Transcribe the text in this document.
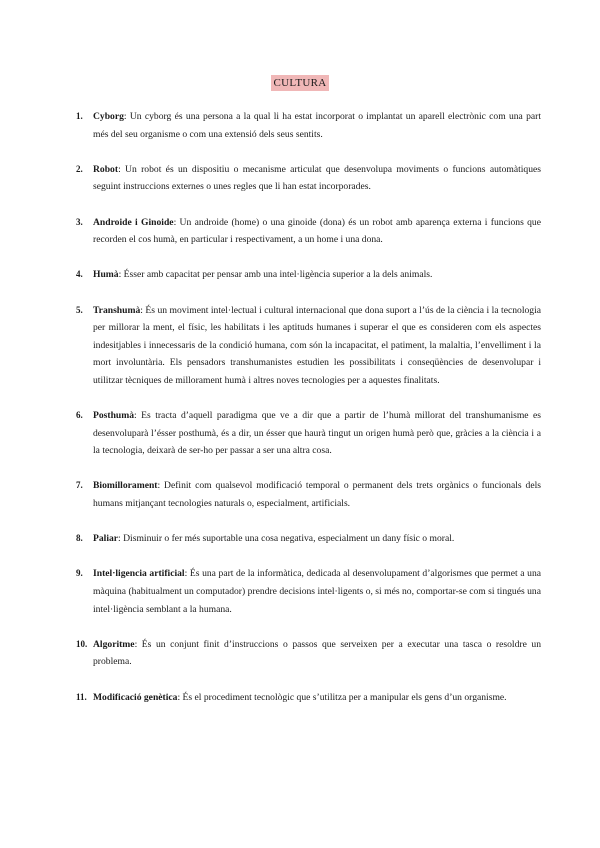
CULTURA
1. Cyborg: Un cyborg és una persona a la qual li ha estat incorporat o implantat un aparell electrònic com una part més del seu organisme o com una extensió dels seus sentits.
2. Robot: Un robot és un dispositiu o mecanisme articulat que desenvolupa moviments o funcions automàtiques seguint instruccions externes o unes regles que li han estat incorporades.
3. Androide i Ginoide: Un androide (home) o una ginoide (dona) és un robot amb aparença externa i funcions que recorden el cos humà, en particular i respectivament, a un home i una dona.
4. Humà: Ésser amb capacitat per pensar amb una intel·ligència superior a la dels animals.
5. Transhumà: És un moviment intel·lectual i cultural internacional que dona suport a l’ús de la ciència i la tecnologia per millorar la ment, el físic, les habilitats i les aptituds humanes i superar el que es consideren com els aspectes indesitjables i innecessaris de la condició humana, com són la incapacitat, el patiment, la malaltia, l’envelliment i la mort involuntària. Els pensadors transhumanistes estudien les possibilitats i conseqüències de desenvolupar i utilitzar tècniques de millorament humà i altres noves tecnologies per a aquestes finalitats.
6. Posthumà: Es tracta d’aquell paradigma que ve a dir que a partir de l’humà millorat del transhumanisme es desenvoluparà l’ésser posthumà, és a dir, un ésser que haurà tingut un origen humà però que, gràcies a la ciència i a la tecnologia, deixarà de ser-ho per passar a ser una altra cosa.
7. Biomillorament: Definit com qualsevol modificació temporal o permanent dels trets orgànics o funcionals dels humans mitjançant tecnologies naturals o, especialment, artificials.
8. Paliar: Disminuir o fer més suportable una cosa negativa, especialment un dany físic o moral.
9. Intel·ligencia artificial: És una part de la informàtica, dedicada al desenvolupament d’algorismes que permet a una màquina (habitualment un computador) prendre decisions intel·ligents o, si més no, comportar-se com si tingués una intel·ligència semblant a la humana.
10. Algoritme: És un conjunt finit d’instruccions o passos que serveixen per a executar una tasca o resoldre un problema.
11. Modificació genètica: És el procediment tecnològic que s’utilitza per a manipular els gens d’un organisme.
